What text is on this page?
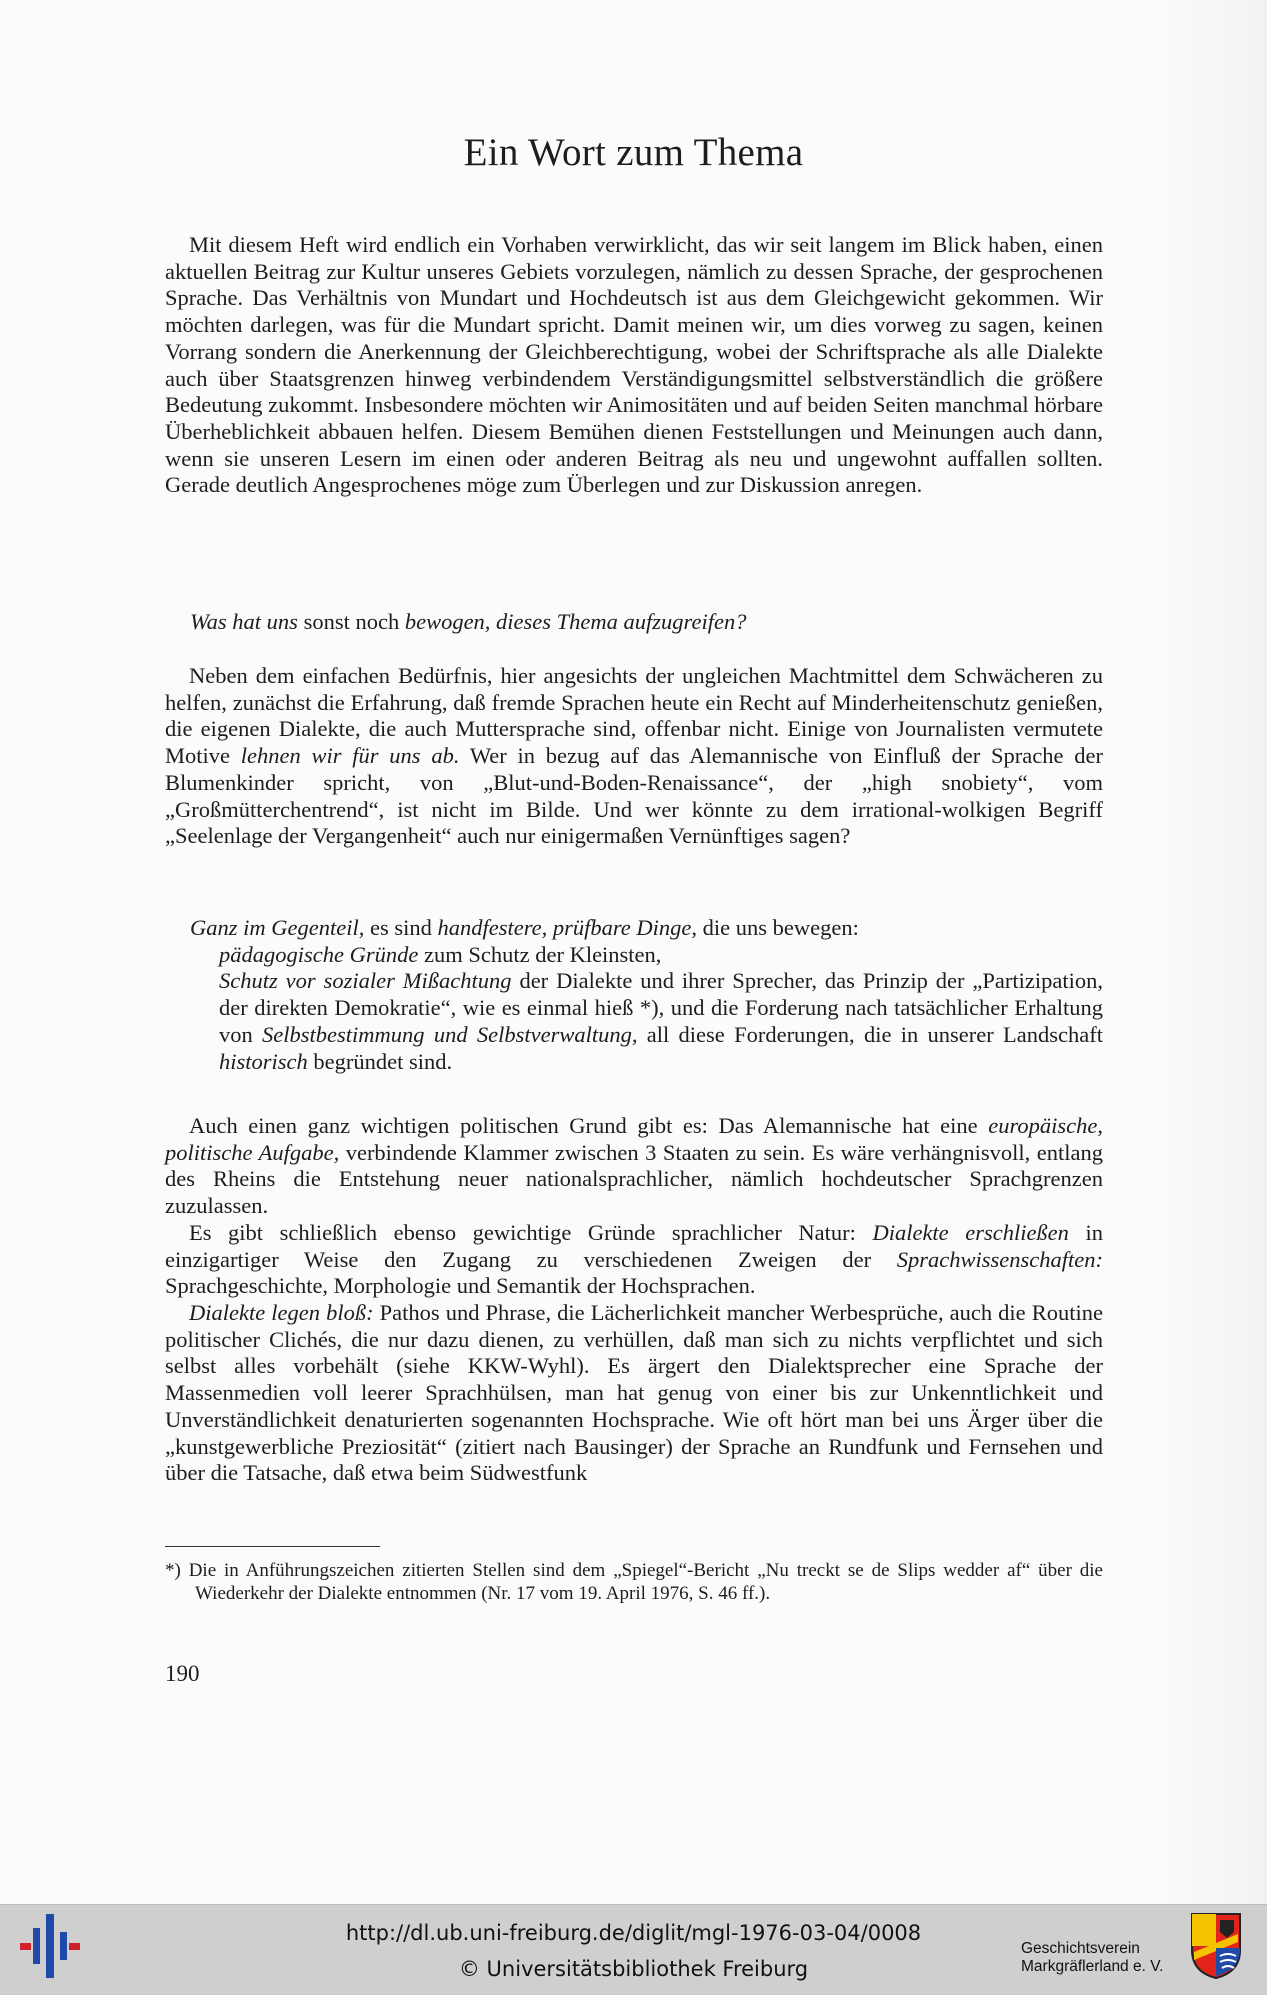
Ein Wort zum Thema

Mit diesem Heft wird endlich ein Vorhaben verwirklicht, das wir seit langem im Blick haben, einen aktuellen Beitrag zur Kultur unseres Gebiets vorzulegen, nämlich zu dessen Sprache, der gesprochenen Sprache. Das Verhältnis von Mundart und Hochdeutsch ist aus dem Gleichgewicht gekommen. Wir möchten darlegen, was für die Mundart spricht. Damit meinen wir, um dies vorweg zu sagen, keinen Vorrang sondern die Anerkennung der Gleichberechtigung, wobei der Schriftsprache als alle Dialekte auch über Staatsgrenzen hinweg verbindendem Verständigungsmittel selbstverständlich die größere Bedeutung zukommt. Insbesondere möchten wir Animositäten und auf beiden Seiten manchmal hörbare Überheblichkeit abbauen helfen. Diesem Bemühen dienen Feststellungen und Meinungen auch dann, wenn sie unseren Lesern im einen oder anderen Beitrag als neu und ungewohnt auffallen sollten. Gerade deutlich Angesprochenes möge zum Überlegen und zur Diskussion anregen.

Was hat uns sonst noch bewogen, dieses Thema aufzugreifen?

Neben dem einfachen Bedürfnis, hier angesichts der ungleichen Machtmittel dem Schwächeren zu helfen, zunächst die Erfahrung, daß fremde Sprachen heute ein Recht auf Minderheitenschutz genießen, die eigenen Dialekte, die auch Muttersprache sind, offenbar nicht. Einige von Journalisten vermutete Motive lehnen wir für uns ab. Wer in bezug auf das Alemannische von Einfluß der Sprache der Blumenkinder spricht, von „Blut-und-Boden-Renaissance“, der „high snobiety“, vom „Großmütterchentrend“, ist nicht im Bilde. Und wer könnte zu dem irrational-wolkigen Begriff „Seelenlage der Vergangenheit“ auch nur einigermaßen Vernünftiges sagen?

Ganz im Gegenteil, es sind handfestere, prüfbare Dinge, die uns bewegen:
pädagogische Gründe zum Schutz der Kleinsten,
Schutz vor sozialer Mißachtung der Dialekte und ihrer Sprecher, das Prinzip der „Partizipation, der direkten Demokratie“, wie es einmal hieß *), und die Forderung nach tatsächlicher Erhaltung von Selbstbestimmung und Selbstverwaltung, all diese Forderungen, die in unserer Landschaft historisch begründet sind.

Auch einen ganz wichtigen politischen Grund gibt es: Das Alemannische hat eine europäische, politische Aufgabe, verbindende Klammer zwischen 3 Staaten zu sein. Es wäre verhängnisvoll, entlang des Rheins die Entstehung neuer nationalsprachlicher, nämlich hochdeutscher Sprachgrenzen zuzulassen.

Es gibt schließlich ebenso gewichtige Gründe sprachlicher Natur: Dialekte erschließen in einzigartiger Weise den Zugang zu verschiedenen Zweigen der Sprachwissenschaften: Sprachgeschichte, Morphologie und Semantik der Hochsprachen.

Dialekte legen bloß: Pathos und Phrase, die Lächerlichkeit mancher Werbesprüche, auch die Routine politischer Clichés, die nur dazu dienen, zu verhüllen, daß man sich zu nichts verpflichtet und sich selbst alles vorbehält (siehe KKW-Wyhl). Es ärgert den Dialektsprecher eine Sprache der Massenmedien voll leerer Sprachhülsen, man hat genug von einer bis zur Unkenntlichkeit und Unverständlichkeit denaturierten sogenannten Hochsprache. Wie oft hört man bei uns Ärger über die „kunstgewerbliche Preziosität“ (zitiert nach Bausinger) der Sprache an Rundfunk und Fernsehen und über die Tatsache, daß etwa beim Südwestfunk

*) Die in Anführungszeichen zitierten Stellen sind dem „Spiegel“-Bericht „Nu treckt se de Slips wedder af“ über die Wiederkehr der Dialekte entnommen (Nr. 17 vom 19. April 1976, S. 46 ff.).

190

http://dl.ub.uni-freiburg.de/diglit/mgl-1976-03-04/0008
© Universitätsbibliothek Freiburg
Geschichtsverein
Markgräflerland e. V.
